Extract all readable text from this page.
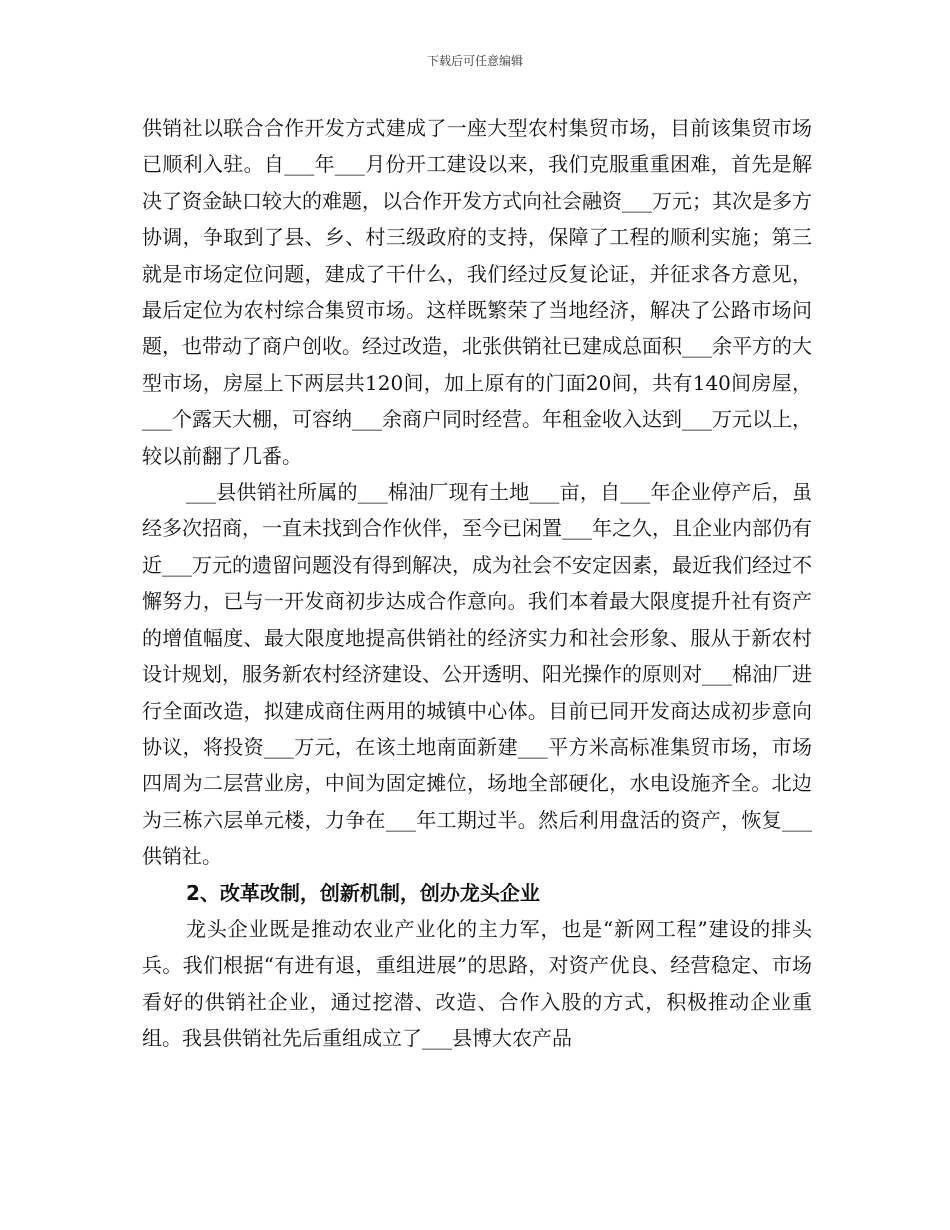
下载后可任意编辑

供销社以联合合作开发方式建成了一座大型农村集贸市场，目前该集贸市场已顺利入驻。自___年___月份开工建设以来，我们克服重重困难，首先是解决了资金缺口较大的难题，以合作开发方式向社会融资___万元；其次是多方协调，争取到了县、乡、村三级政府的支持，保障了工程的顺利实施；第三就是市场定位问题，建成了干什么，我们经过反复论证，并征求各方意见，最后定位为农村综合集贸市场。这样既繁荣了当地经济，解决了公路市场问题，也带动了商户创收。经过改造，北张供销社已建成总面积___余平方的大型市场，房屋上下两层共120间，加上原有的门面20间，共有140间房屋，___个露天大棚，可容纳___余商户同时经营。年租金收入达到___万元以上，较以前翻了几番。

___县供销社所属的___棉油厂现有土地___亩，自___年企业停产后，虽经多次招商，一直未找到合作伙伴，至今已闲置___年之久，且企业内部仍有近___万元的遗留问题没有得到解决，成为社会不安定因素，最近我们经过不懈努力，已与一开发商初步达成合作意向。我们本着最大限度提升社有资产的增值幅度、最大限度地提高供销社的经济实力和社会形象、服从于新农村设计规划，服务新农村经济建设、公开透明、阳光操作的原则对___棉油厂进行全面改造，拟建成商住两用的城镇中心体。目前已同开发商达成初步意向协议，将投资___万元，在该土地南面新建___平方米高标准集贸市场，市场四周为二层营业房，中间为固定摊位，场地全部硬化，水电设施齐全。北边为三栋六层单元楼，力争在___年工期过半。然后利用盘活的资产，恢复___供销社。

2、改革改制，创新机制，创办龙头企业

龙头企业既是推动农业产业化的主力军，也是“新网工程”建设的排头兵。我们根据“有进有退，重组进展”的思路，对资产优良、经营稳定、市场看好的供销社企业，通过挖潜、改造、合作入股的方式，积极推动企业重组。我县供销社先后重组成立了___县博大农产品
